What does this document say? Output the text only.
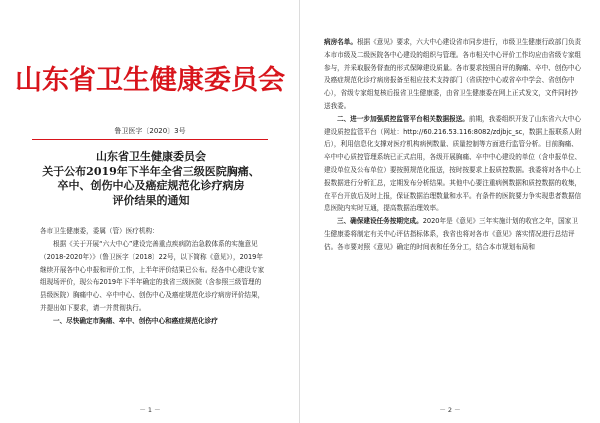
山东省卫生健康委员会
鲁卫医字〔2020〕3号
山东省卫生健康委员会
关于公布2019年下半年全省三级医院胸痛、
卒中、创伤中心及癌症规范化诊疗病房
评价结果的通知
各市卫生健康委，委属（管）医疗机构：

根据《关于开展“六大中心”建设完善重点疾病防治急救体系的实施意见（2018-2020年）》（鲁卫医字〔2018〕22号，以下简称《意见》），2019年继续开展各中心申报和评价工作，上半年评价结果已公布。经各中心建设专家组现场评价，现公布2019年下半年确定的我省三级医院（含参照三级管理的县级医院）胸痛中心、卒中中心、创伤中心及癌症规范化诊疗病房评价结果，并提出如下要求，请一并贯彻执行。

一、尽快确定市胸痛、卒中、创伤中心和癌症规范化诊疗

－ 1 －

病房名单。根据《意见》要求，六大中心建设省市同步进行，市级卫生健康行政部门负责本市市级及二级医院各中心建设的组织与管理。各市相关中心评价工作均应由省级专家组参与，并采取服务督查的形式保障建设质量。各市要求按照自评的胸痛、卒中、创伤中心及癌症规范化诊疗病房报备至相应技术支持部门（省质控中心或省卒中学会、省创伤中心），省级专家组复核后报省卫生健康委，由省卫生健康委在网上正式发文，文件同时抄送我委。

二、进一步加强质控监管平台相关数据报送。前期，我委组织开发了山东省六大中心建设质控监管平台（网址：http://60.216.53.116:8082/zdjbjc_sc，数据上报联系人附后），利用信息化支撑对医疗机构病例数量、质量控制等方面进行监管分析。目前胸痛、卒中中心质控管理系统已正式启用，各级开展胸痛、卒中中心建设的单位（含申报单位、建设单位及公布单位）要按照规范化报送，按时按要求上报质控数据。我委将对各中心上报数据进行分析汇总，定期发布分析结果。其他中心要注重病例数据和质控数据的收集，在平台开放后及时上报，保证数据治理数量和水平。有条件的医院要力争实现患者数据信息医院内实时互通，提高数据治理效率。

三、确保建设任务按期完成。2020年是《意见》三年实施计划的收官之年，国家卫生健康委将制定有关中心评估指标体系，我省也将对各市《意见》落实情况进行总结评估。各市要对照《意见》确定的时间表和任务分工，结合本市规划布局和

－ 2 －
